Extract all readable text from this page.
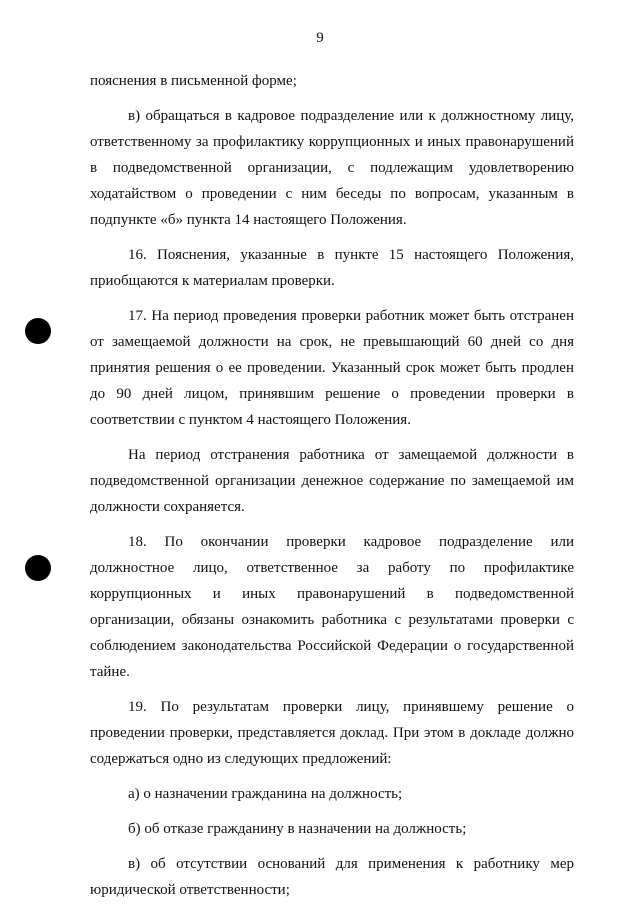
9

пояснения в письменной форме;

в) обращаться в кадровое подразделение или к должностному лицу, ответственному за профилактику коррупционных и иных правонарушений в подведомственной организации, с подлежащим удовлетворению ходатайством о проведении с ним беседы по вопросам, указанным в подпункте «б» пункта 14 настоящего Положения.

16. Пояснения, указанные в пункте 15 настоящего Положения, приобщаются к материалам проверки.

17. На период проведения проверки работник может быть отстранен от замещаемой должности на срок, не превышающий 60 дней со дня принятия решения о ее проведении. Указанный срок может быть продлен до 90 дней лицом, принявшим решение о проведении проверки в соответствии с пунктом 4 настоящего Положения.

На период отстранения работника от замещаемой должности в подведомственной организации денежное содержание по замещаемой им должности сохраняется.

18. По окончании проверки кадровое подразделение или должностное лицо, ответственное за работу по профилактике коррупционных и иных правонарушений в подведомственной организации, обязаны ознакомить работника с результатами проверки с соблюдением законодательства Российской Федерации о государственной тайне.

19. По результатам проверки лицу, принявшему решение о проведении проверки, представляется доклад. При этом в докладе должно содержаться одно из следующих предложений:

а) о назначении гражданина на должность;

б) об отказе гражданину в назначении на должность;

в) об отсутствии оснований для применения к работнику мер юридической ответственности;
